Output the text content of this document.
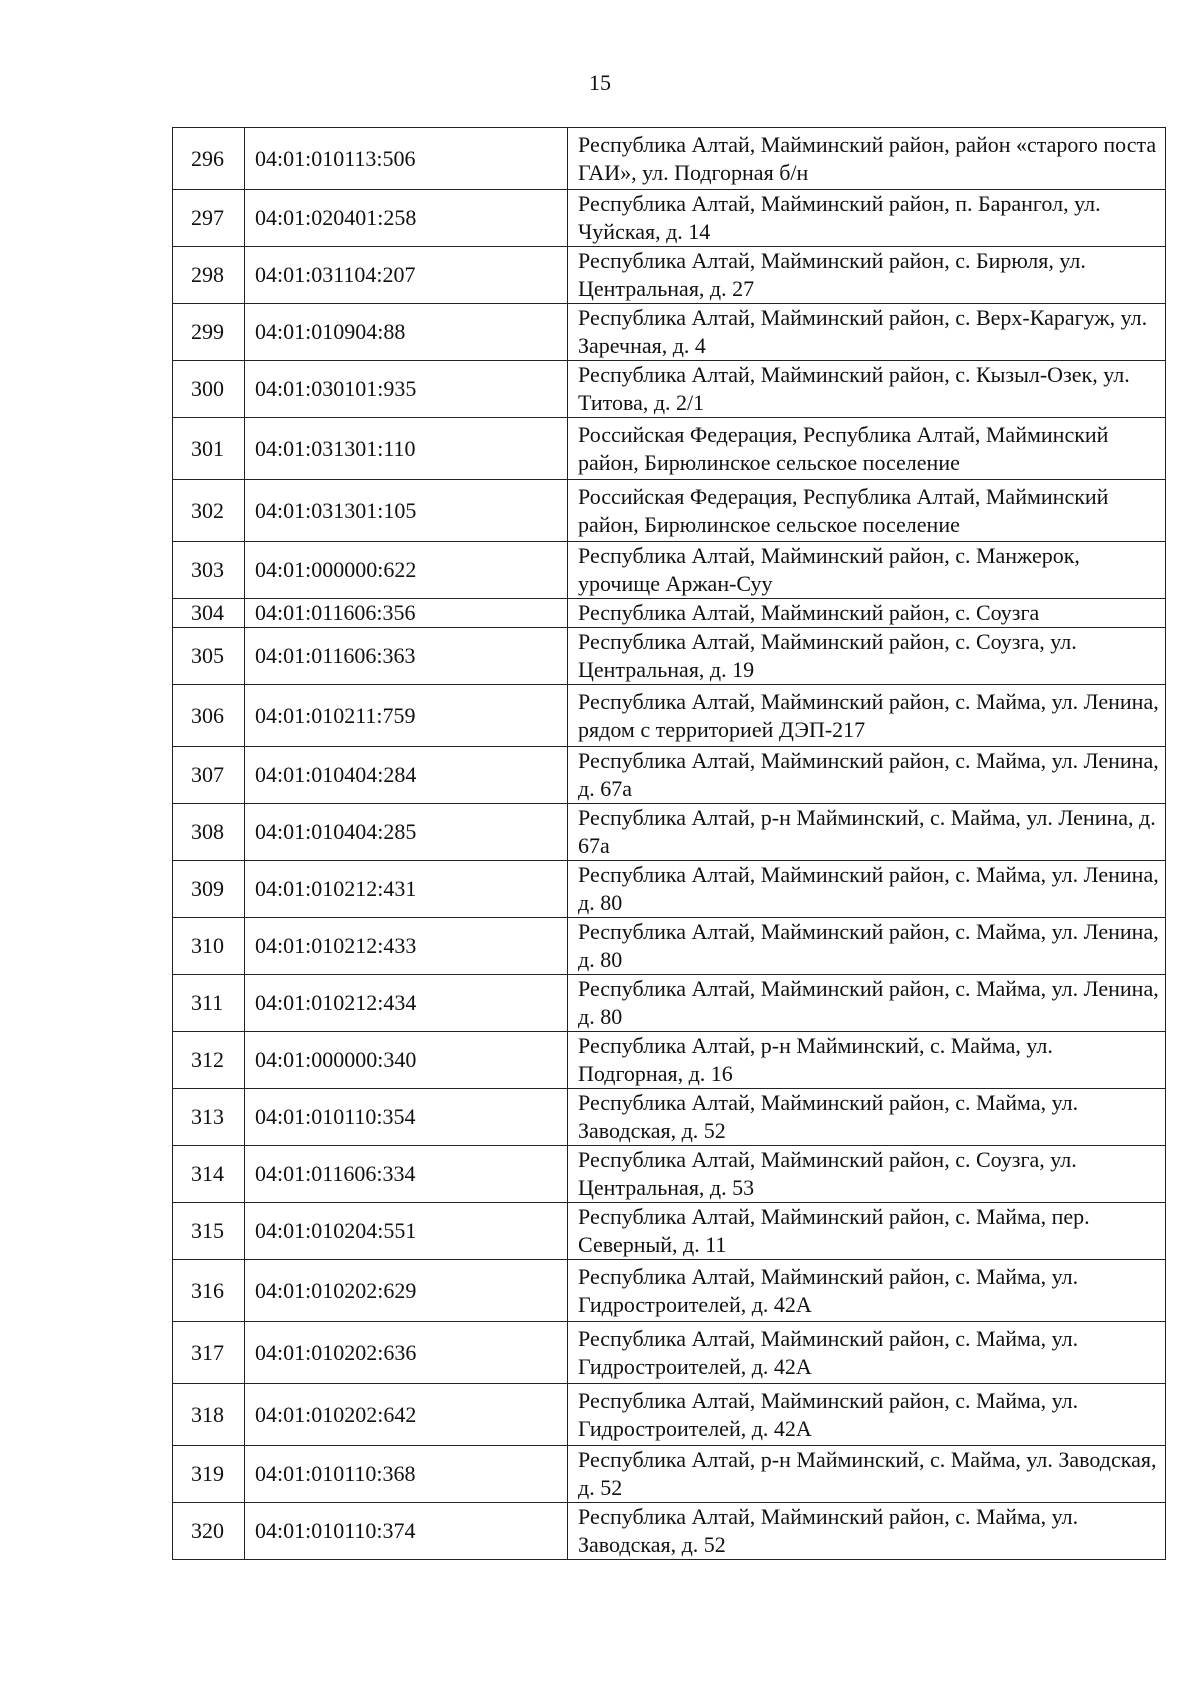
15
296	04:01:010113:506	Республика Алтай, Майминский район, район «старого поста ГАИ», ул. Подгорная б/н
297	04:01:020401:258	Республика Алтай, Майминский район, п. Барангол, ул. Чуйская, д. 14
298	04:01:031104:207	Республика Алтай, Майминский район, с. Бирюля, ул. Центральная, д. 27
299	04:01:010904:88	Республика Алтай, Майминский район, с. Верх-Карагуж, ул. Заречная, д. 4
300	04:01:030101:935	Республика Алтай, Майминский район, с. Кызыл-Озек, ул. Титова, д. 2/1
301	04:01:031301:110	Российская Федерация, Республика Алтай, Майминский район, Бирюлинское сельское поселение
302	04:01:031301:105	Российская Федерация, Республика Алтай, Майминский район, Бирюлинское сельское поселение
303	04:01:000000:622	Республика Алтай, Майминский район, с. Манжерок, урочище Аржан-Суу
304	04:01:011606:356	Республика Алтай, Майминский район, с. Соузга
305	04:01:011606:363	Республика Алтай, Майминский район, с. Соузга, ул. Центральная, д. 19
306	04:01:010211:759	Республика Алтай, Майминский район, с. Майма, ул. Ленина, рядом с территорией ДЭП-217
307	04:01:010404:284	Республика Алтай, Майминский район, с. Майма, ул. Ленина, д. 67а
308	04:01:010404:285	Республика Алтай, р-н Майминский, с. Майма, ул. Ленина, д. 67а
309	04:01:010212:431	Республика Алтай, Майминский район, с. Майма, ул. Ленина, д. 80
310	04:01:010212:433	Республика Алтай, Майминский район, с. Майма, ул. Ленина, д. 80
311	04:01:010212:434	Республика Алтай, Майминский район, с. Майма, ул. Ленина, д. 80
312	04:01:000000:340	Республика Алтай, р-н Майминский, с. Майма, ул. Подгорная, д. 16
313	04:01:010110:354	Республика Алтай, Майминский район, с. Майма, ул. Заводская, д. 52
314	04:01:011606:334	Республика Алтай, Майминский район, с. Соузга, ул. Центральная, д. 53
315	04:01:010204:551	Республика Алтай, Майминский район, с. Майма, пер. Северный, д. 11
316	04:01:010202:629	Республика Алтай, Майминский район, с. Майма, ул. Гидростроителей, д. 42А
317	04:01:010202:636	Республика Алтай, Майминский район, с. Майма, ул. Гидростроителей, д. 42А
318	04:01:010202:642	Республика Алтай, Майминский район, с. Майма, ул. Гидростроителей, д. 42А
319	04:01:010110:368	Республика Алтай, р-н Майминский, с. Майма, ул. Заводская, д. 52
320	04:01:010110:374	Республика Алтай, Майминский район, с. Майма, ул. Заводская, д. 52
